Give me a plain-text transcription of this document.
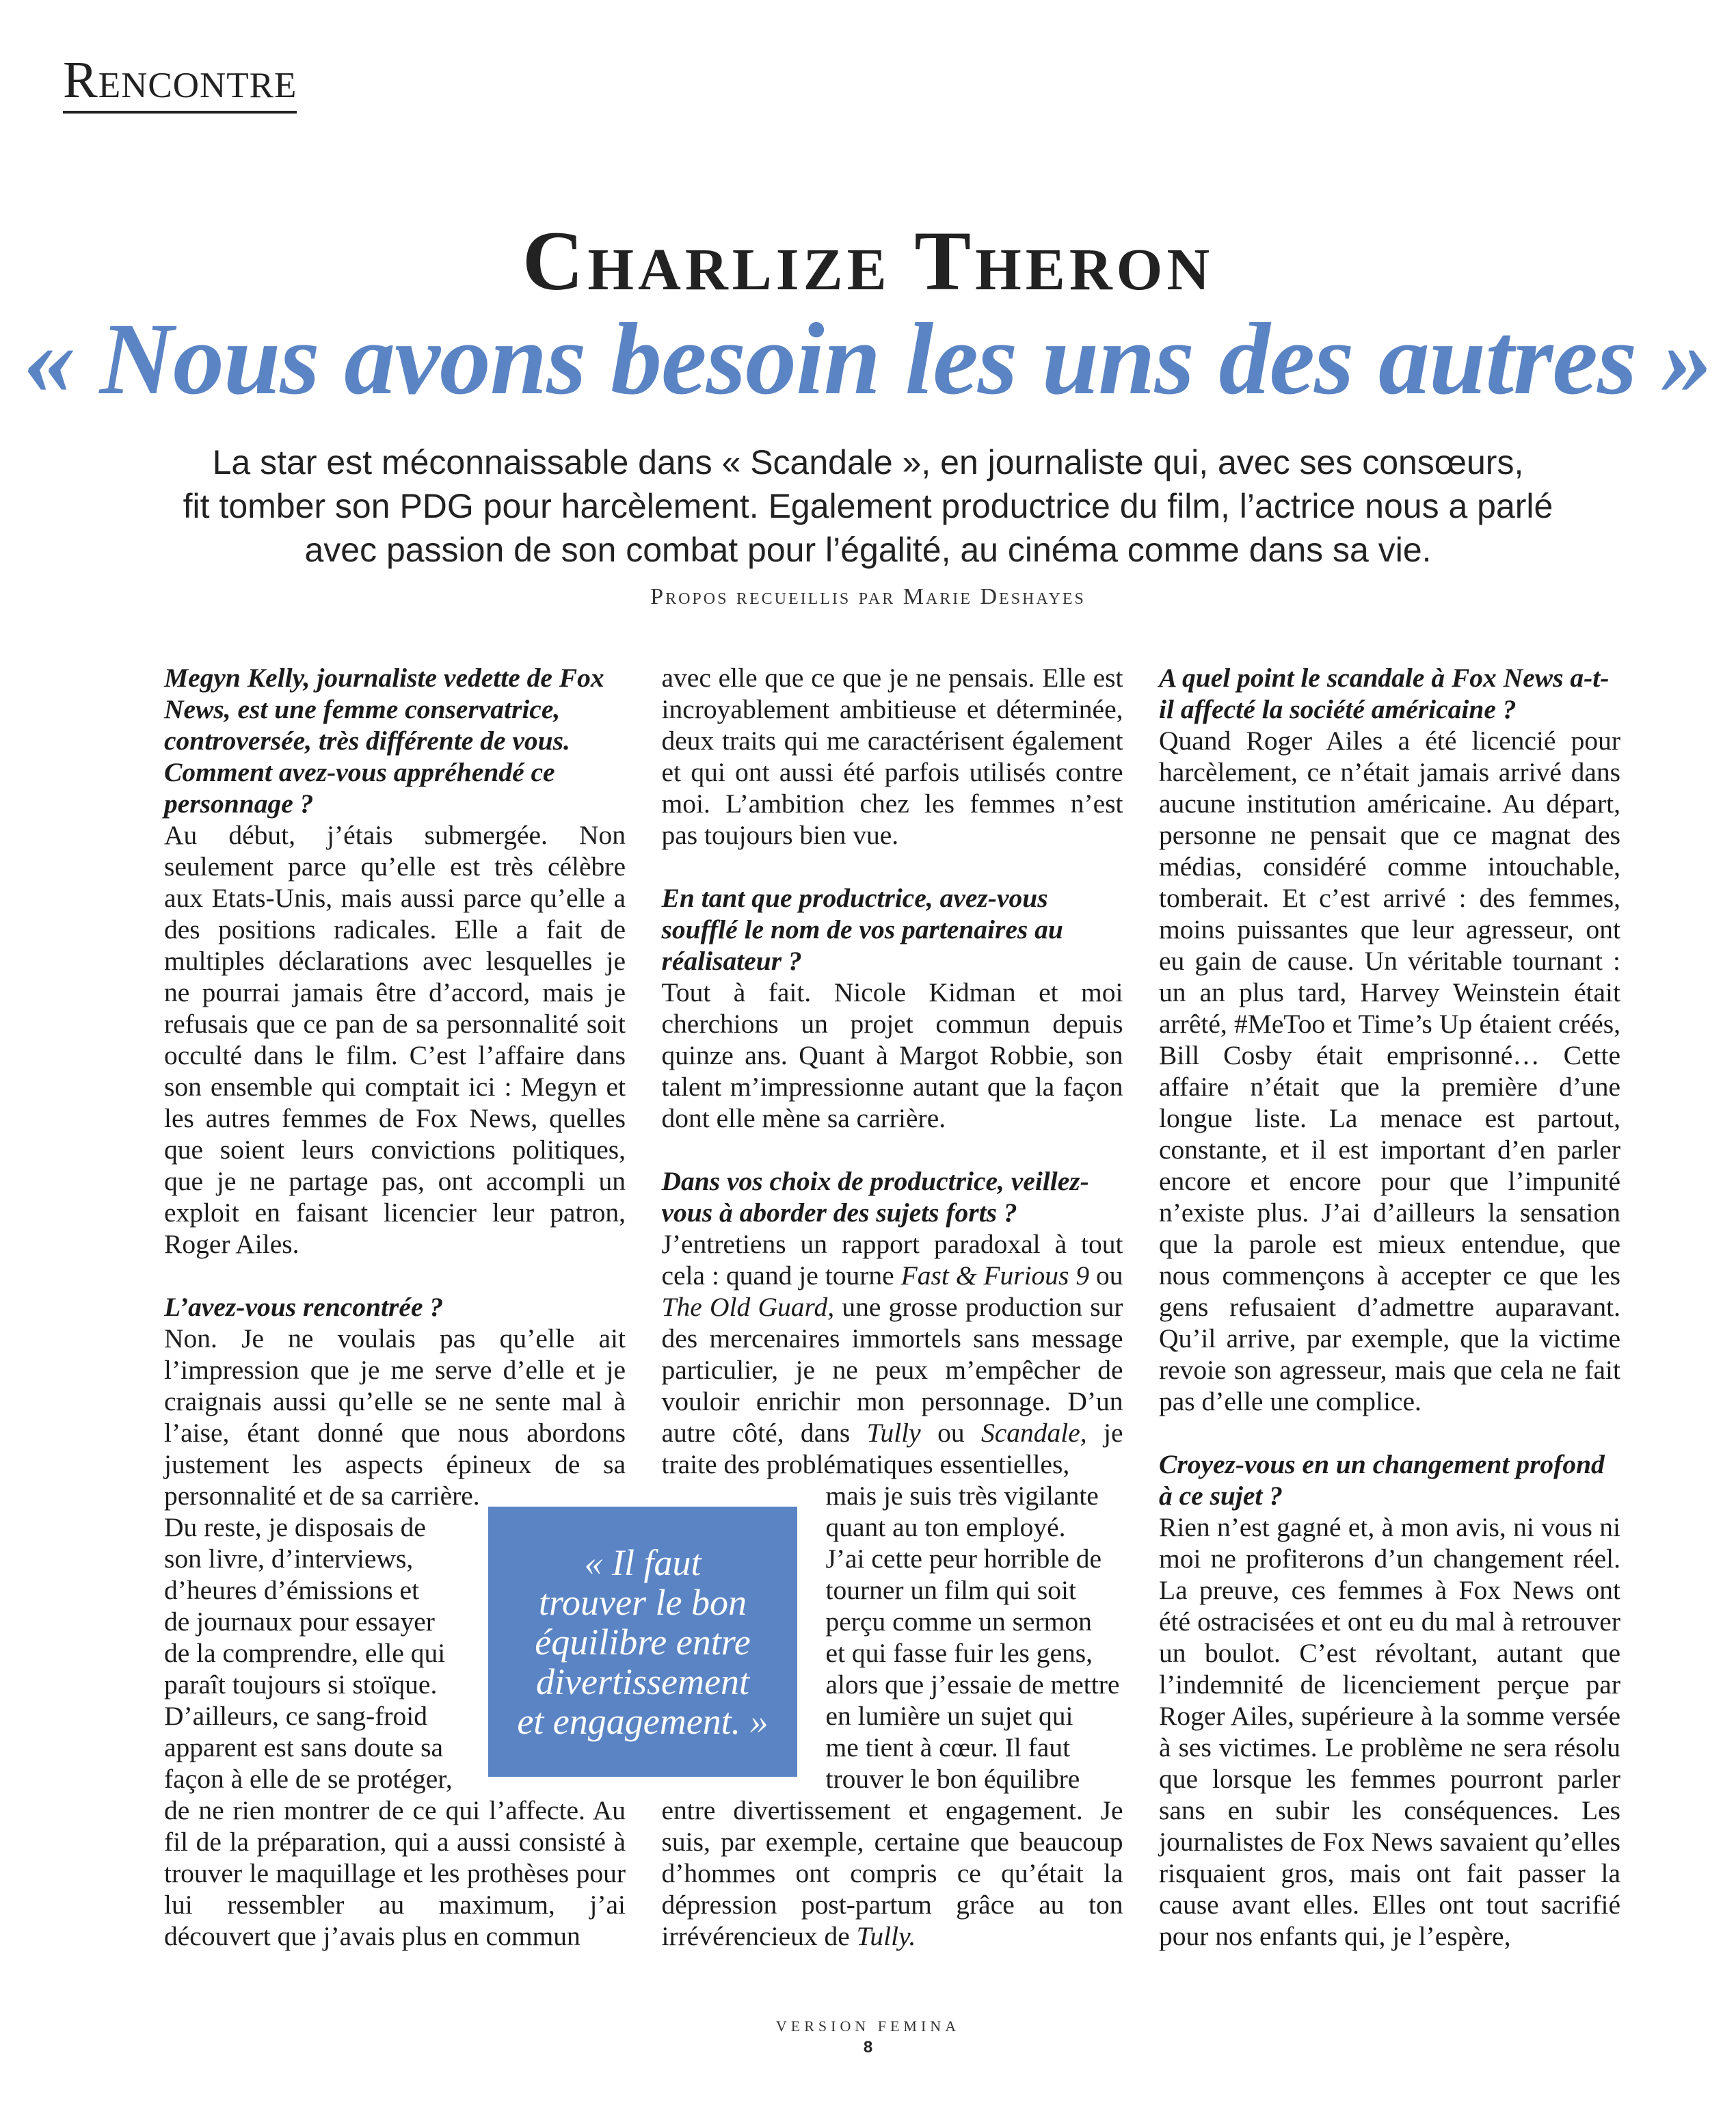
Rencontre
Charlize Theron
« Nous avons besoin les uns des autres »
La star est méconnaissable dans « Scandale », en journaliste qui, avec ses consœurs,
fit tomber son PDG pour harcèlement. Egalement productrice du film, l’actrice nous a parlé
avec passion de son combat pour l’égalité, au cinéma comme dans sa vie.
Propos recueillis par Marie Deshayes

Megyn Kelly, journaliste vedette de Fox News, est une femme conservatrice, controversée, très différente de vous. Comment avez-vous appréhendé ce personnage ?

Au début, j’étais submergée. Non seulement parce qu’elle est très célèbre aux Etats-Unis, mais aussi parce qu’elle a des positions radicales. Elle a fait de multiples déclarations avec lesquelles je ne pourrai jamais être d’accord, mais je refusais que ce pan de sa personnalité soit occulté dans le film. C’est l’affaire dans son ensemble qui comptait ici : Megyn et les autres femmes de Fox News, quelles que soient leurs convictions politiques, que je ne partage pas, ont accompli un exploit en faisant licencier leur patron, Roger Ailes.

L’avez-vous rencontrée ?

Non. Je ne voulais pas qu’elle ait l’impression que je me serve d’elle et je craignais aussi qu’elle se ne sente mal à l’aise, étant donné que nous abordons justement les aspects épineux de sa personnalité et de sa carrière.

Du reste, je disposais de

son livre, d’interviews,

d’heures d’émissions et

de journaux pour essayer

de la comprendre, elle qui

paraît toujours si stoïque.

D’ailleurs, ce sang-froid

apparent est sans doute sa

façon à elle de se protéger,

de ne rien montrer de ce qui l’affecte. Au fil de la préparation, qui a aussi consisté à trouver le maquillage et les prothèses pour lui ressembler au maximum, j’ai découvert que j’avais plus en commun

avec elle que ce que je ne pensais. Elle est incroyablement ambitieuse et déterminée, deux traits qui me caractérisent également et qui ont aussi été parfois utilisés contre moi. L’ambition chez les femmes n’est pas toujours bien vue.

En tant que productrice, avez-vous soufflé le nom de vos partenaires au réalisateur ?

Tout à fait. Nicole Kidman et moi cherchions un projet commun depuis quinze ans. Quant à Margot Robbie, son talent m’impressionne autant que la façon dont elle mène sa carrière.

Dans vos choix de productrice, veillez-vous à aborder des sujets forts ?

J’entretiens un rapport paradoxal à tout cela : quand je tourne Fast & Furious 9 ou The Old Guard, une grosse production sur des mercenaires immortels sans message particulier, je ne peux m’empêcher de vouloir enrichir mon personnage. D’un autre côté, dans Tully ou Scandale, je traite des problématiques essentielles,

mais je suis très vigilante

quant au ton employé.

J’ai cette peur horrible de

tourner un film qui soit

perçu comme un sermon

et qui fasse fuir les gens,

alors que j’essaie de mettre

en lumière un sujet qui

me tient à cœur. Il faut

trouver le bon équilibre

entre divertissement et engagement. Je suis, par exemple, certaine que beaucoup d’hommes ont compris ce qu’était la dépression post-partum grâce au ton irrévérencieux de Tully.

A quel point le scandale à Fox News a-t-il affecté la société américaine ?

Quand Roger Ailes a été licencié pour harcèlement, ce n’était jamais arrivé dans aucune institution américaine. Au départ, personne ne pensait que ce magnat des médias, considéré comme intouchable, tomberait. Et c’est arrivé : des femmes, moins puissantes que leur agresseur, ont eu gain de cause. Un véritable tournant : un an plus tard, Harvey Weinstein était arrêté, #MeToo et Time’s Up étaient créés, Bill Cosby était emprisonné… Cette affaire n’était que la première d’une longue liste. La menace est partout, constante, et il est important d’en parler encore et encore pour que l’impunité n’existe plus. J’ai d’ailleurs la sensation que la parole est mieux entendue, que nous commençons à accepter ce que les gens refusaient d’admettre auparavant. Qu’il arrive, par exemple, que la victime revoie son agresseur, mais que cela ne fait pas d’elle une complice.

Croyez-vous en un changement profond à ce sujet ?

Rien n’est gagné et, à mon avis, ni vous ni moi ne profiterons d’un changement réel. La preuve, ces femmes à Fox News ont été ostracisées et ont eu du mal à retrouver un boulot. C’est révoltant, autant que l’indemnité de licenciement perçue par Roger Ailes, supérieure à la somme versée à ses victimes. Le problème ne sera résolu que lorsque les femmes pourront parler sans en subir les conséquences. Les journalistes de Fox News savaient qu’elles risquaient gros, mais ont fait passer la cause avant elles. Elles ont tout sacrifié pour nos enfants qui, je l’espère,

« Il faut
trouver le bon
équilibre entre
divertissement
et engagement. »
VERSION FEMINA
8
